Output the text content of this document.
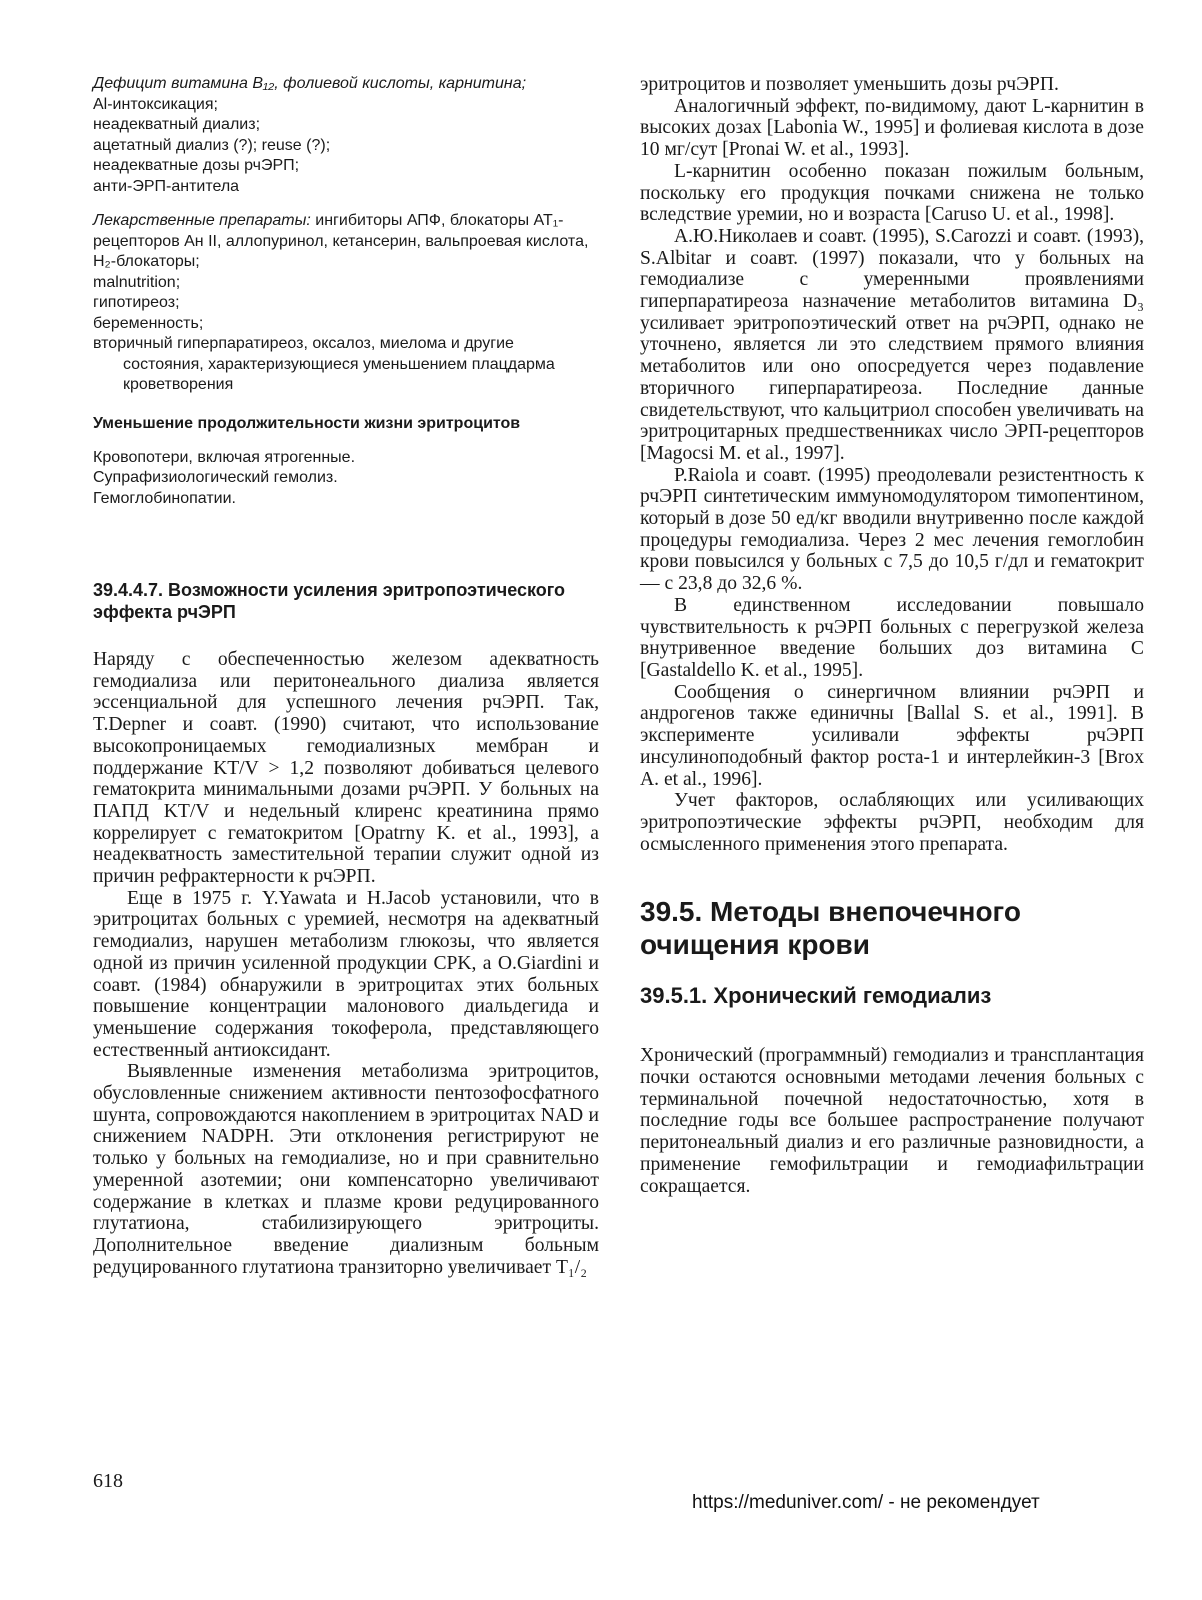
Дефицит витамина B₁₂, фолиевой кислоты, карнитина;
Al-интоксикация;
неадекватный диализ;
ацетатный диализ (?); reuse (?);
неадекватные дозы рчЭРП;
анти-ЭРП-антитела
Лекарственные препараты: ингибиторы АПФ, блокаторы AT₁-рецепторов Ан II, аллопуринол, кетансерин, вальпроевая кислота, H₂-блокаторы;
malnutrition;
гипотиреоз;
беременность;
вторичный гиперпаратиреоз, оксалоз, миелома и другие состояния, характеризующиеся уменьшением плацдарма кроветворения
Уменьшение продолжительности жизни эритроцитов
Кровопотери, включая ятрогенные.
Супрафизиологический гемолиз.
Гемоглобинопатии.
39.4.4.7. Возможности усиления эритропоэтического эффекта рчЭРП

Наряду с обеспеченностью железом адекватность гемодиализа или перитонеального диализа является эссенциальной для успешного лечения рчЭРП. Так, T.Depner и соавт. (1990) считают, что использование высокопроницаемых гемодиализных мембран и поддержание KT/V > 1,2 позволяют добиваться целевого гематокрита минимальными дозами рчЭРП. У больных на ПАПД KT/V и недельный клиренс креатинина прямо коррелирует с гематокритом [Opatrny K. et al., 1993], а неадекватность заместительной терапии служит одной из причин рефрактерности к рчЭРП.

Еще в 1975 г. Y.Yawata и H.Jacob установили, что в эритроцитах больных с уремией, несмотря на адекватный гемодиализ, нарушен метаболизм глюкозы, что является одной из причин усиленной продукции CPK, а O.Giardini и соавт. (1984) обнаружили в эритроцитах этих больных повышение концентрации малонового диальдегида и уменьшение содержания токоферола, представляющего естественный антиоксидант.

Выявленные изменения метаболизма эритроцитов, обусловленные снижением активности пентозофосфатного шунта, сопровождаются накоплением в эритроцитах NAD и снижением NADPH. Эти отклонения регистрируют не только у больных на гемодиализе, но и при сравнительно умеренной азотемии; они компенсаторно увеличивают содержание в клетках и плазме крови редуцированного глутатиона, стабилизирующего эритроциты. Дополнительное введение диализным больным редуцированного глутатиона транзиторно увеличивает T₁/₂

эритроцитов и позволяет уменьшить дозы рчЭРП.

Аналогичный эффект, по-видимому, дают L-карнитин в высоких дозах [Labonia W., 1995] и фолиевая кислота в дозе 10 мг/сут [Pronai W. et al., 1993].

L-карнитин особенно показан пожилым больным, поскольку его продукция почками снижена не только вследствие уремии, но и возраста [Caruso U. et al., 1998].

А.Ю.Николаев и соавт. (1995), S.Carozzi и соавт. (1993), S.Albitar и соавт. (1997) показали, что у больных на гемодиализе с умеренными проявлениями гиперпаратиреоза назначение метаболитов витамина D₃ усиливает эритропоэтический ответ на рчЭРП, однако не уточнено, является ли это следствием прямого влияния метаболитов или оно опосредуется через подавление вторичного гиперпаратиреоза. Последние данные свидетельствуют, что кальцитриол способен увеличивать на эритроцитарных предшественниках число ЭРП-рецепторов [Magocsi M. et al., 1997].

P.Raiola и соавт. (1995) преодолевали резистентность к рчЭРП синтетическим иммуномодулятором тимопентином, который в дозе 50 ед/кг вводили внутривенно после каждой процедуры гемодиализа. Через 2 мес лечения гемоглобин крови повысился у больных с 7,5 до 10,5 г/дл и гематокрит — с 23,8 до 32,6 %.

В единственном исследовании повышало чувствительность к рчЭРП больных с перегрузкой железа внутривенное введение больших доз витамина C [Gastaldello K. et al., 1995].

Сообщения о синергичном влиянии рчЭРП и андрогенов также единичны [Ballal S. et al., 1991]. В эксперименте усиливали эффекты рчЭРП инсулиноподобный фактор роста-1 и интерлейкин-3 [Brox A. et al., 1996].

Учет факторов, ослабляющих или усиливающих эритропоэтические эффекты рчЭРП, необходим для осмысленного применения этого препарата.

39.5. Методы внепочечного очищения крови
39.5.1. Хронический гемодиализ

Хронический (программный) гемодиализ и трансплантация почки остаются основными методами лечения больных с терминальной почечной недостаточностью, хотя в последние годы все большее распространение получают перитонеальный диализ и его различные разновидности, а применение гемофильтрации и гемодиафильтрации сокращается.

618
https://meduniver.com/ - не рекомендует
